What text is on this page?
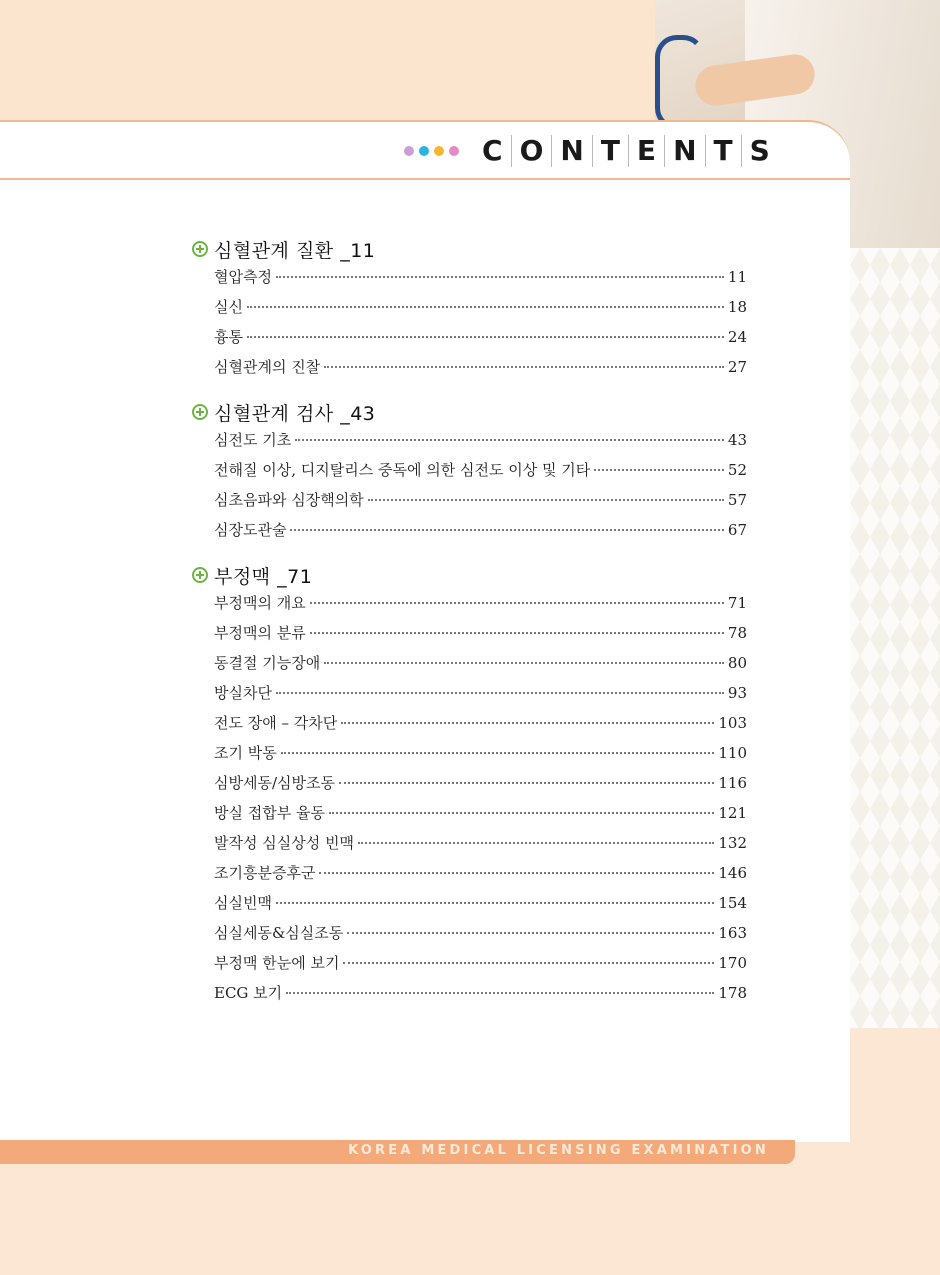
C O N T E N T S
심혈관계 질환 _11
혈압측정	11
실신	18
흉통	24
심혈관계의 진찰	27
심혈관계 검사 _43
심전도 기초	43
전해질 이상, 디지탈리스 중독에 의한 심전도 이상 및 기타	52
심초음파와 심장핵의학	57
심장도관술	67
부정맥 _71
부정맥의 개요	71
부정맥의 분류	78
동결절 기능장애	80
방실차단	93
전도 장애 – 각차단	103
조기 박동	110
심방세동/심방조동	116
방실 접합부 율동	121
발작성 심실상성 빈맥	132
조기흥분증후군	146
심실빈맥	154
심실세동&심실조동	163
부정맥 한눈에 보기	170
ECG 보기	178
KOREA MEDICAL LICENSING EXAMINATION
